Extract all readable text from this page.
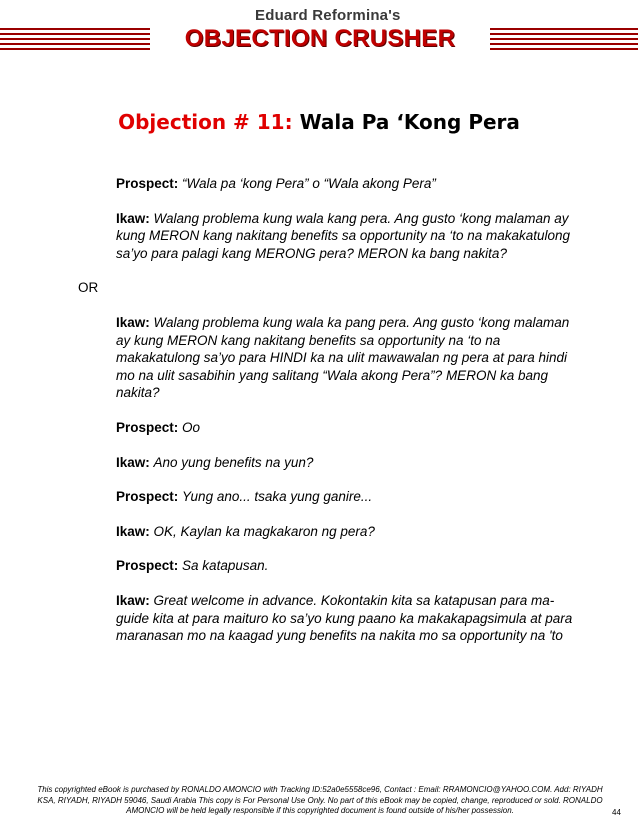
Eduard Reformina's
OBJECTION CRUSHER
Objection # 11: Wala Pa ‘Kong Pera

Prospect: “Wala pa ‘kong Pera” o “Wala akong Pera”

Ikaw: Walang problema kung wala kang pera. Ang gusto ‘kong malaman ay kung MERON kang nakitang benefits sa opportunity na ‘to na makakatulong sa’yo para palagi kang MERONG pera? MERON ka bang nakita?

OR

Ikaw: Walang problema kung wala ka pang pera. Ang gusto ‘kong malaman ay kung MERON kang nakitang benefits sa opportunity na ‘to na makakatulong sa’yo para HINDI ka na ulit mawawalan ng pera at para hindi mo na ulit sasabihin yang salitang “Wala akong Pera”? MERON ka bang nakita?

Prospect: Oo

Ikaw: Ano yung benefits na yun?

Prospect: Yung ano... tsaka yung ganire...

Ikaw: OK, Kaylan ka magkakaron ng pera?

Prospect: Sa katapusan.

Ikaw: Great welcome in advance. Kokontakin kita sa katapusan para ma-guide kita at para maituro ko sa’yo kung paano ka makakapagsimula at para maranasan mo na kaagad yung benefits na nakita mo sa opportunity na 'to

This copyrighted eBook is purchased by RONALDO AMONCIO with Tracking ID:52a0e5558ce96, Contact : Email: RRAMONCIO@YAHOO.COM. Add: RIYADH KSA, RIYADH, RIYADH 59046, Saudi Arabia This copy is For Personal Use Only. No part of this eBook may be copied, change, reproduced or sold. RONALDO AMONCIO will be held legally responsible if this copyrighted document is found outside of his/her possession.	44
